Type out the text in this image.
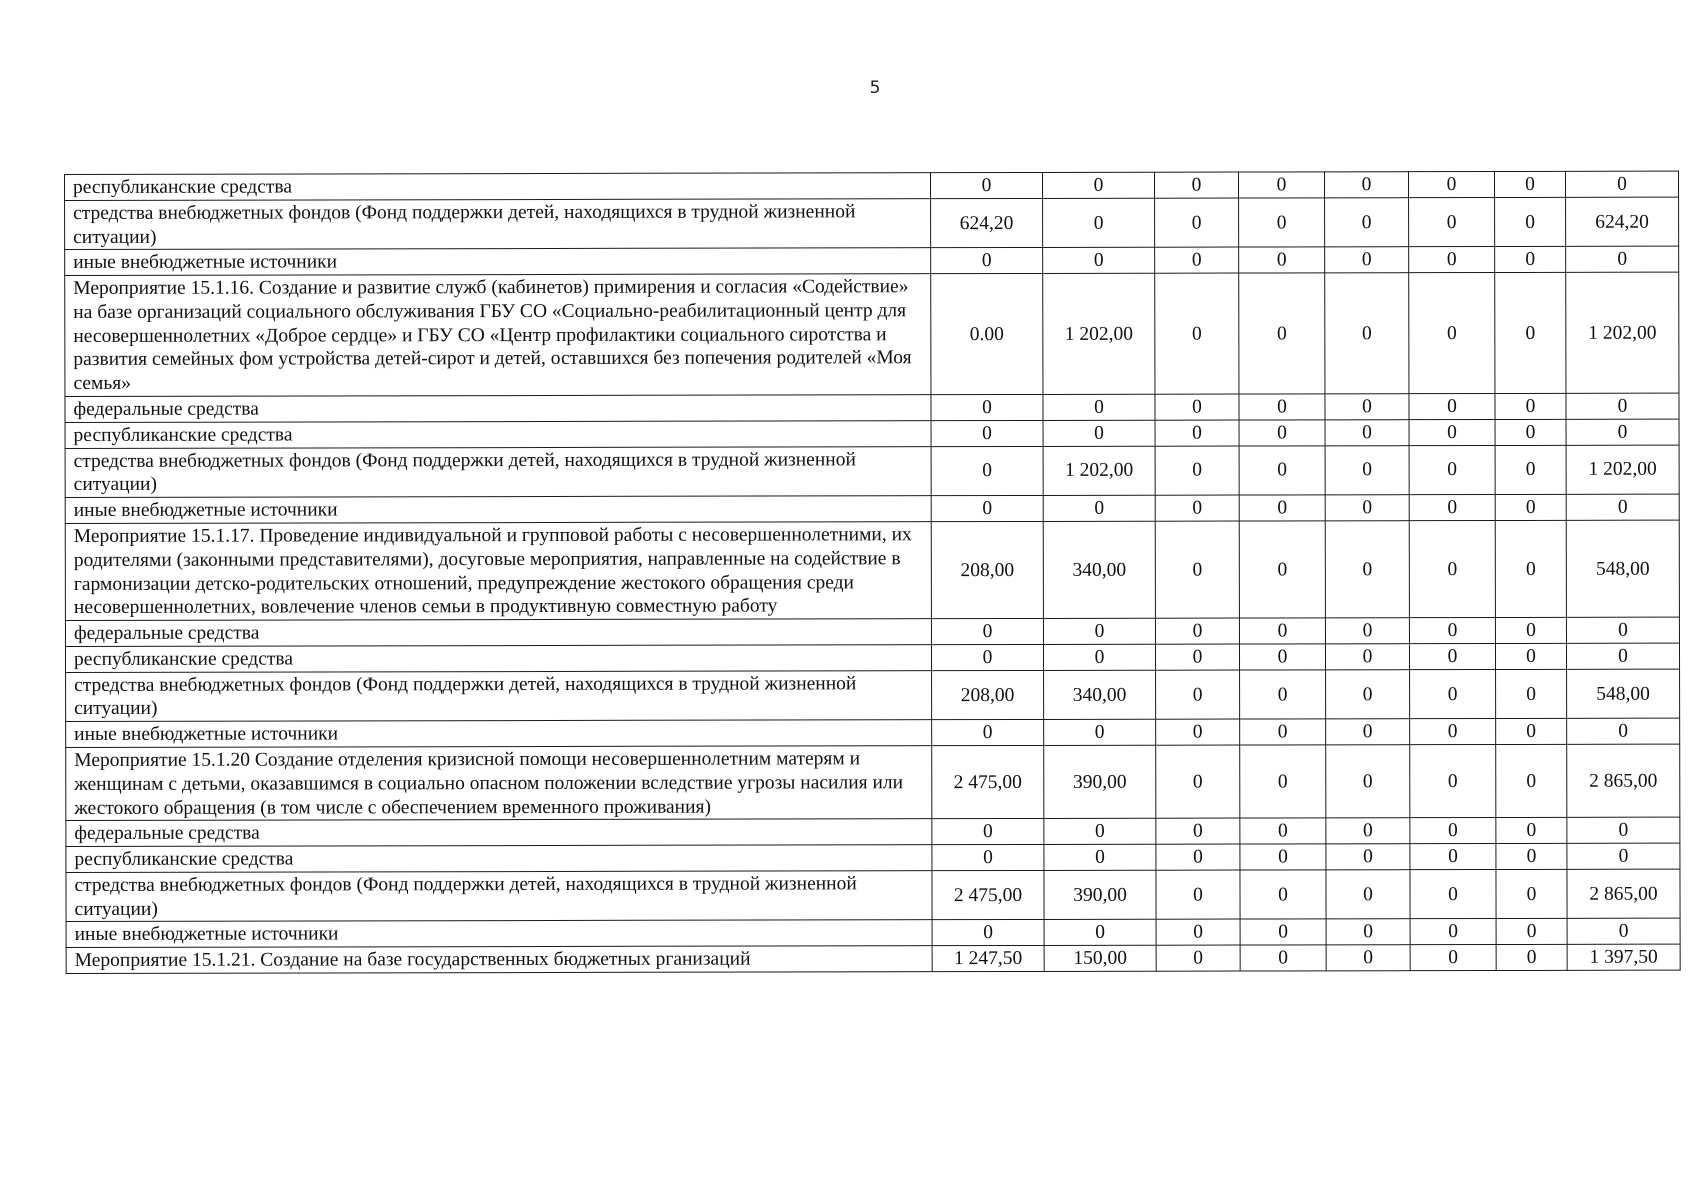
5
республиканские средства	0	0	0	0	0	0	0	0
стредства внебюджетных фондов (Фонд поддержки детей, находящихся в трудной жизненной ситуации)	624,20	0	0	0	0	0	0	624,20
иные внебюджетные источники	0	0	0	0	0	0	0	0
Мероприятие 15.1.16. Создание и развитие служб (кабинетов) примирения и согласия «Содействие» на базе организаций социального обслуживания ГБУ СО «Социально-реабилитационный центр для несовершеннолетних «Доброе сердце» и ГБУ СО «Центр профилактики социального сиротства и развития семейных фом устройства детей-сирот и детей, оставшихся без попечения родителей «Моя семья»	0.00	1 202,00	0	0	0	0	0	1 202,00
федеральные средства	0	0	0	0	0	0	0	0
республиканские средства	0	0	0	0	0	0	0	0
стредства внебюджетных фондов (Фонд поддержки детей, находящихся в трудной жизненной ситуации)	0	1 202,00	0	0	0	0	0	1 202,00
иные внебюджетные источники	0	0	0	0	0	0	0	0
Мероприятие 15.1.17. Проведение индивидуальной и групповой работы с несовершеннолетними, их родителями (законными представителями), досуговые мероприятия, направленные на содействие в гармонизации детско-родительских отношений, предупреждение жестокого обращения среди несовершеннолетних, вовлечение членов семьи в продуктивную совместную работу	208,00	340,00	0	0	0	0	0	548,00
федеральные средства	0	0	0	0	0	0	0	0
республиканские средства	0	0	0	0	0	0	0	0
стредства внебюджетных фондов (Фонд поддержки детей, находящихся в трудной жизненной ситуации)	208,00	340,00	0	0	0	0	0	548,00
иные внебюджетные источники	0	0	0	0	0	0	0	0
Мероприятие 15.1.20 Создание отделения кризисной помощи несовершеннолетним матерям и женщинам с детьми, оказавшимся в социально опасном положении вследствие угрозы насилия или жестокого обращения (в том числе с обеспечением временного проживания)	2 475,00	390,00	0	0	0	0	0	2 865,00
федеральные средства	0	0	0	0	0	0	0	0
республиканские средства	0	0	0	0	0	0	0	0
стредства внебюджетных фондов (Фонд поддержки детей, находящихся в трудной жизненной ситуации)	2 475,00	390,00	0	0	0	0	0	2 865,00
иные внебюджетные источники	0	0	0	0	0	0	0	0
Мероприятие 15.1.21. Создание на базе государственных бюджетных рганизаций	1 247,50	150,00	0	0	0	0	0	1 397,50
